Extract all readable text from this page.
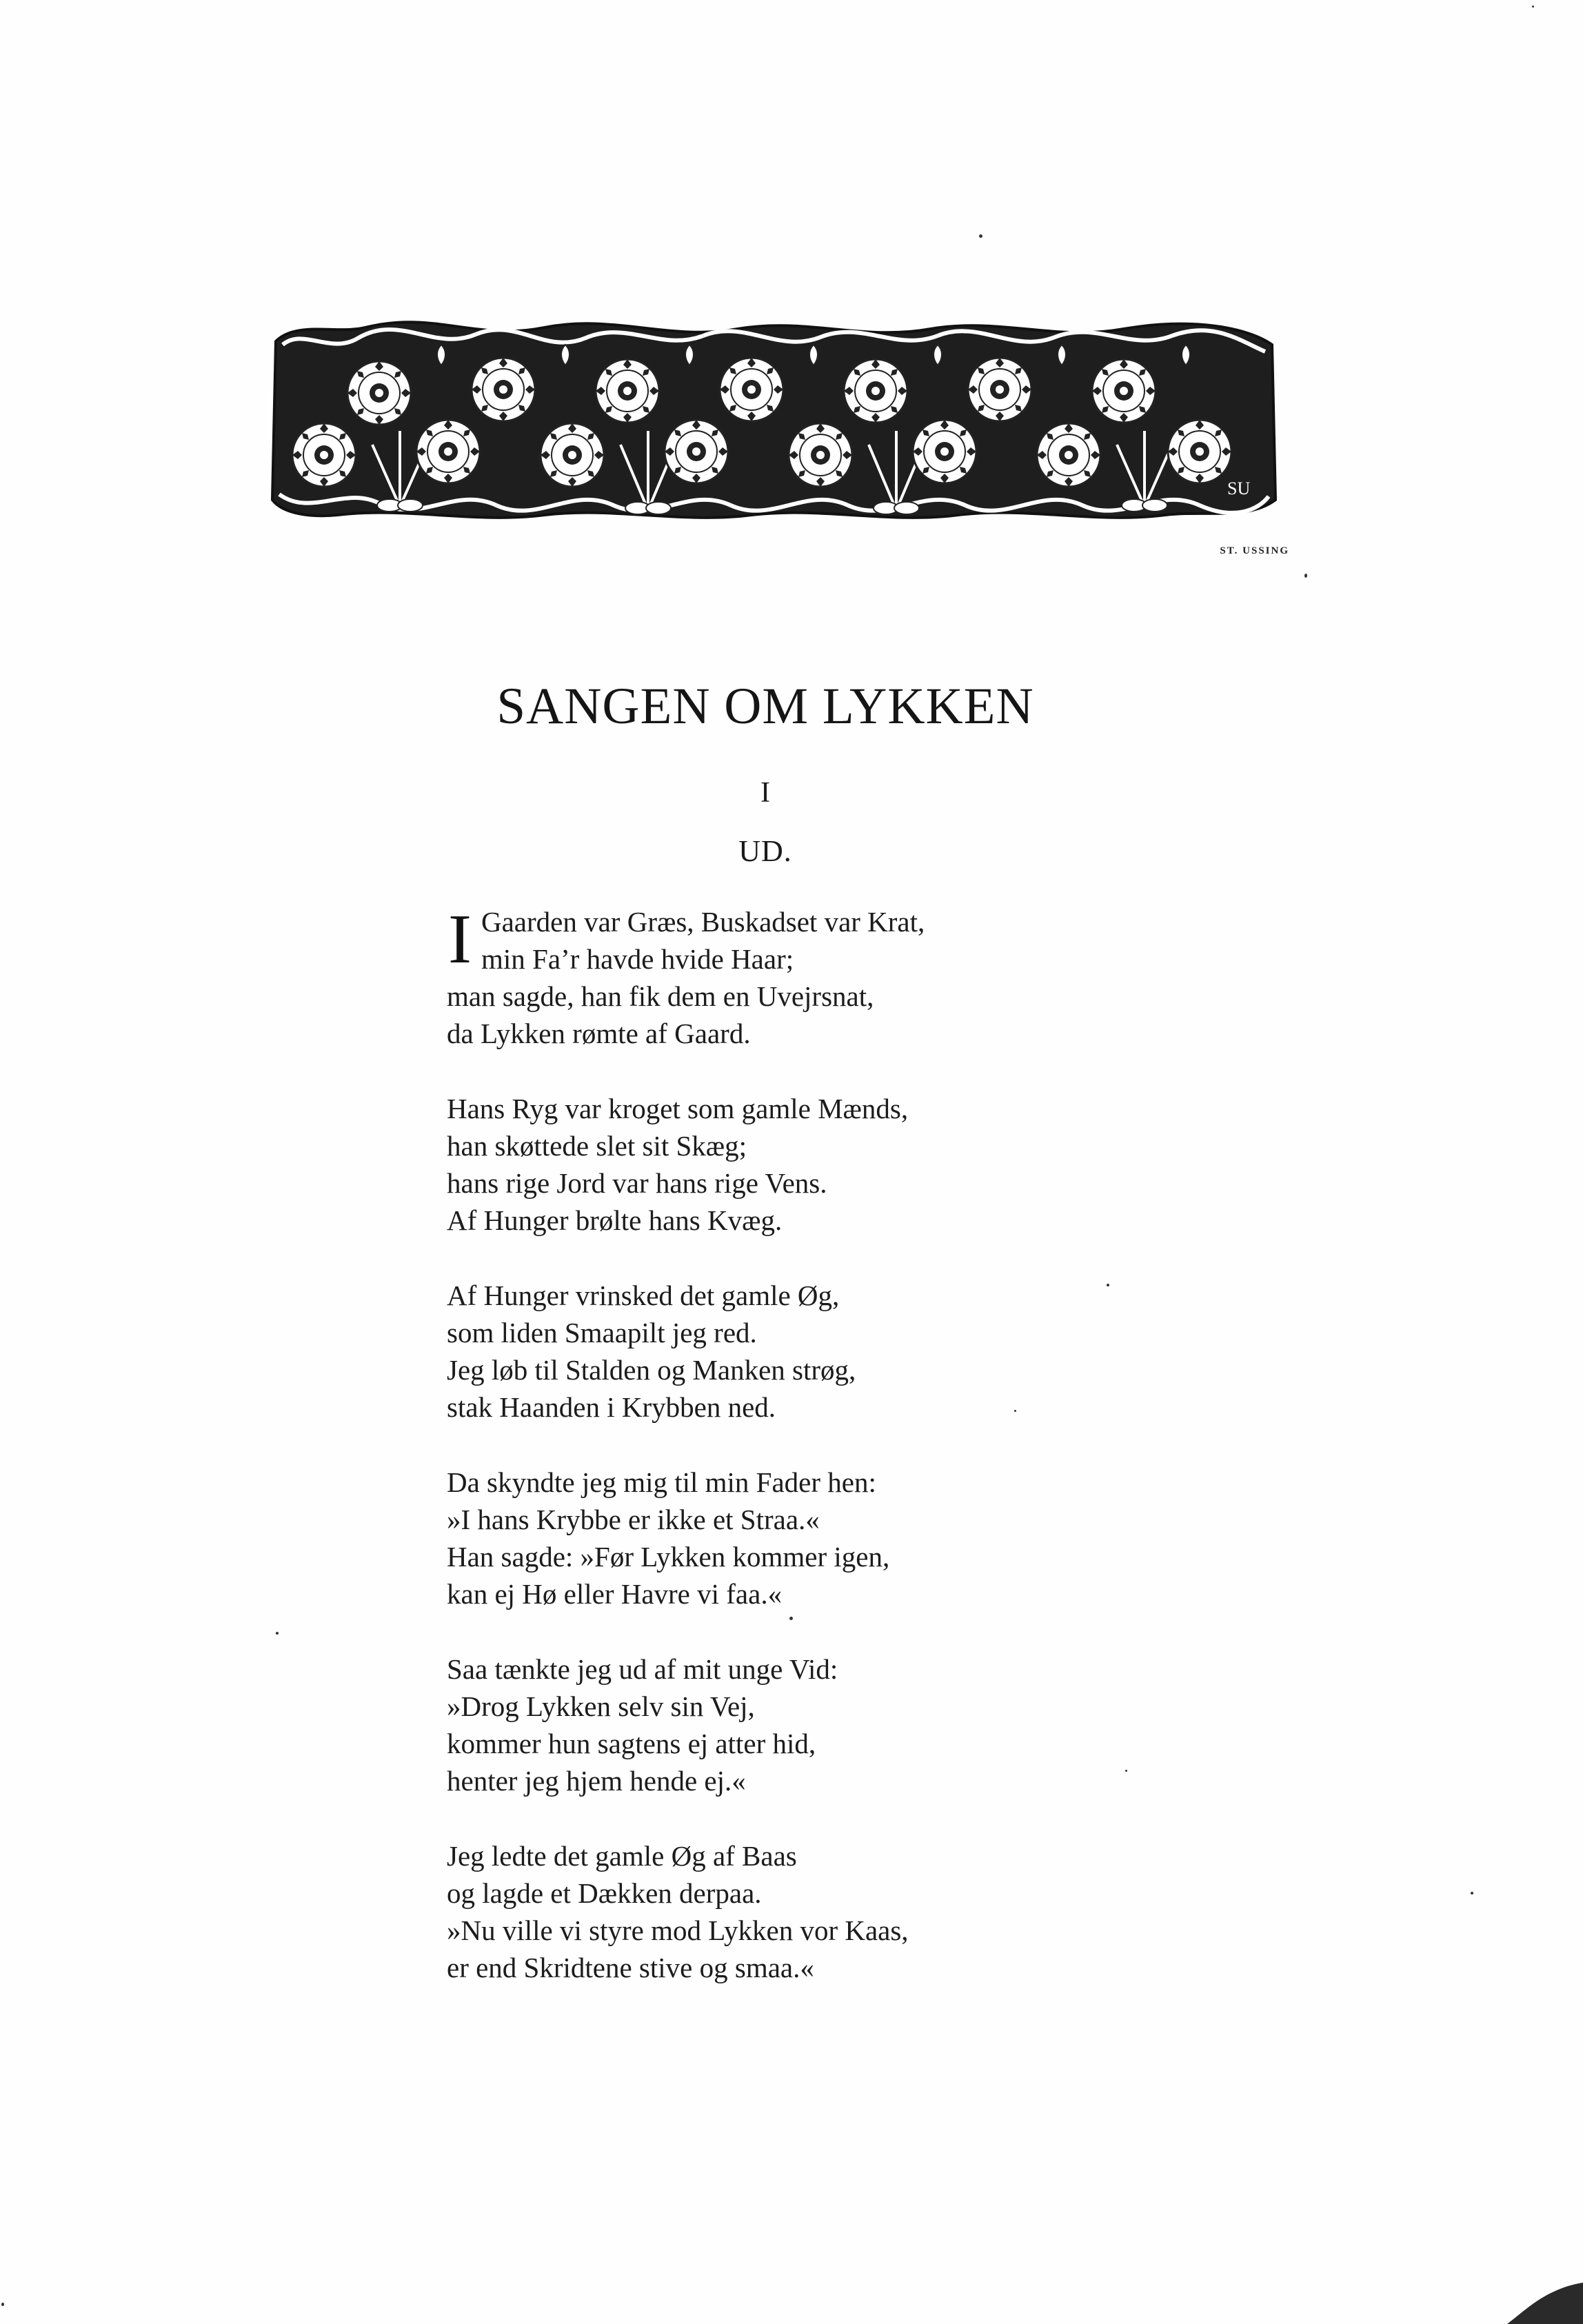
SU
ST. USSING
SANGEN OM LYKKEN
I
UD.
I Gaarden var Græs, Buskadset var Krat,
min Fa’r havde hvide Haar;
man sagde, han fik dem en Uvejrsnat,
da Lykken rømte af Gaard.
Hans Ryg var kroget som gamle Mænds,
han skøttede slet sit Skæg;
hans rige Jord var hans rige Vens.
Af Hunger brølte hans Kvæg.
Af Hunger vrinsked det gamle Øg,
som liden Smaapilt jeg red.
Jeg løb til Stalden og Manken strøg,
stak Haanden i Krybben ned.
Da skyndte jeg mig til min Fader hen:
»I hans Krybbe er ikke et Straa.«
Han sagde: »Før Lykken kommer igen,
kan ej Hø eller Havre vi faa.«
Saa tænkte jeg ud af mit unge Vid:
»Drog Lykken selv sin Vej,
kommer hun sagtens ej atter hid,
henter jeg hjem hende ej.«
Jeg ledte det gamle Øg af Baas
og lagde et Dækken derpaa.
»Nu ville vi styre mod Lykken vor Kaas,
er end Skridtene stive og smaa.«
